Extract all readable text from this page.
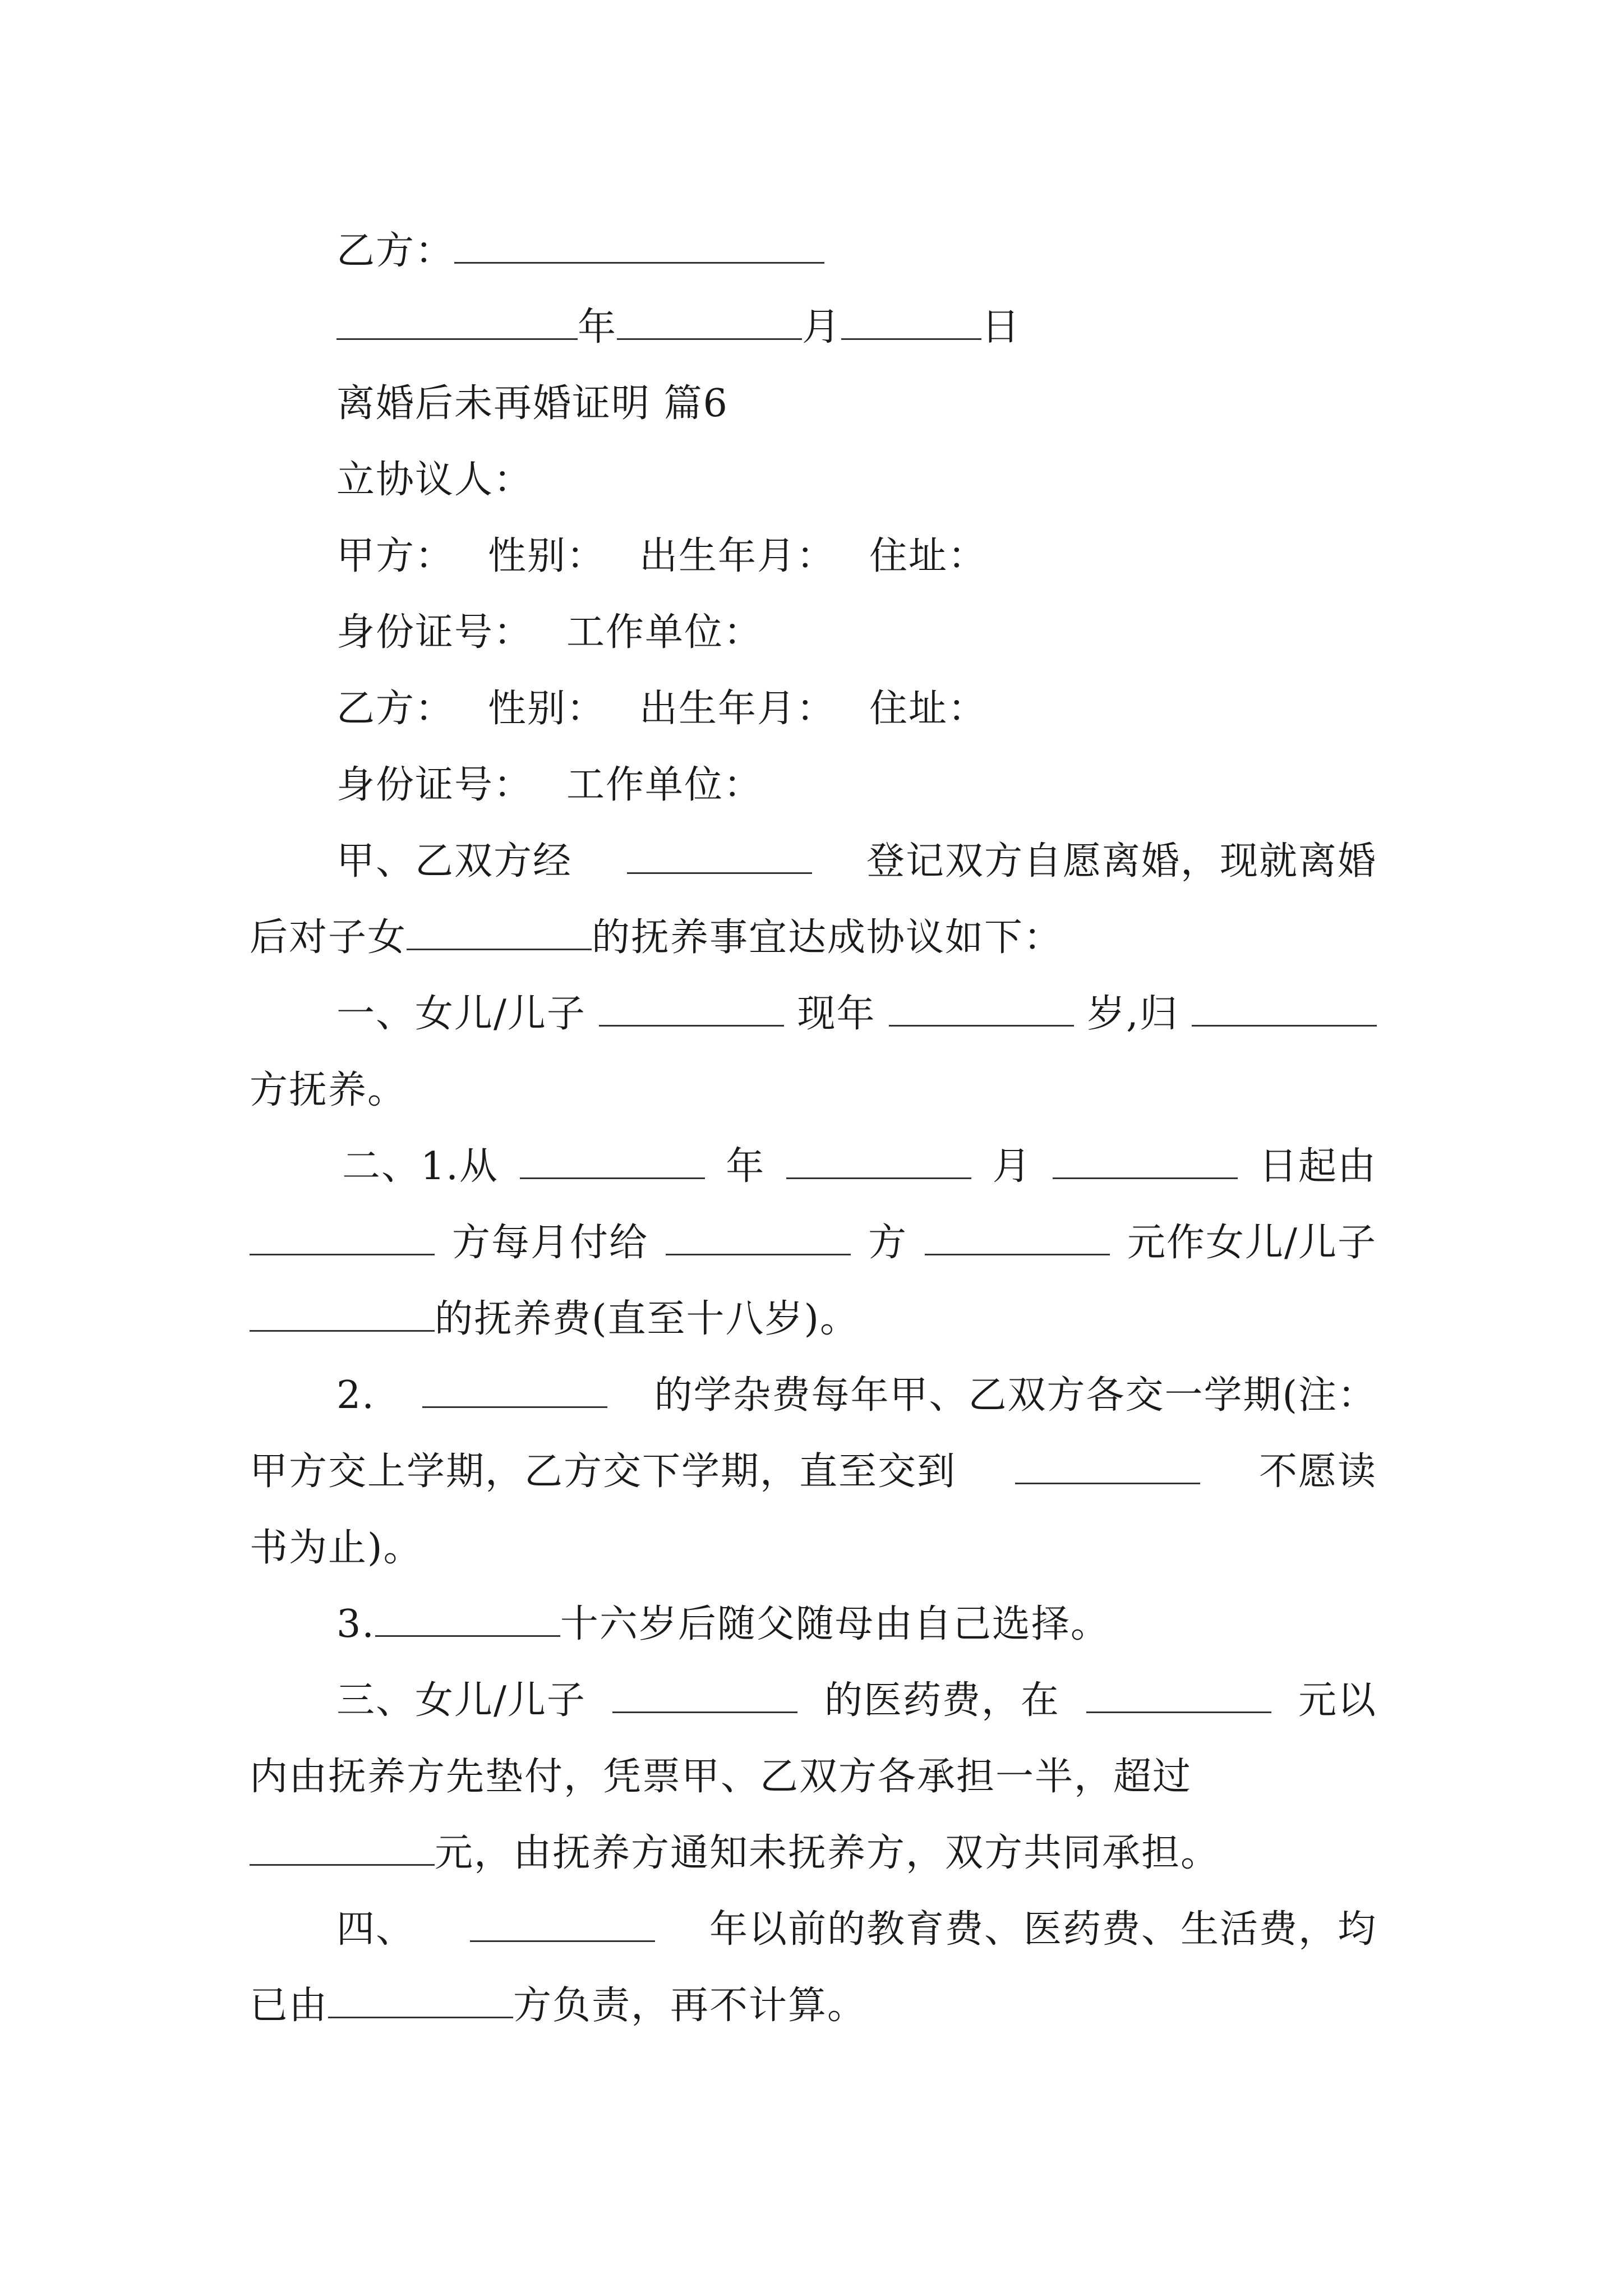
乙方：
年	月	日
离婚后未再婚证明 篇6
立协议人：
甲方： 性别： 出生年月： 住址：
身份证号： 工作单位：
乙方： 性别： 出生年月： 住址：
身份证号： 工作单位：
甲、乙双方经	登记双方自愿离婚，现就离婚
后对子女	的抚养事宜达成协议如下：
一、女儿/儿子	现年	岁,归
方抚养。
二、1.从	年	月	日起由
方每月付给	方	元作女儿/儿子
的抚养费(直至十八岁)。
2.	的学杂费每年甲、乙双方各交一学期(注：
甲方交上学期，乙方交下学期，直至交到	不愿读
书为止)。
3.	十六岁后随父随母由自己选择。
三、女儿/儿子	的医药费，在	元以
内由抚养方先垫付，凭票甲、乙双方各承担一半，超过
元，由抚养方通知未抚养方，双方共同承担。
四、	年以前的教育费、医药费、生活费，均
已由	方负责，再不计算。
